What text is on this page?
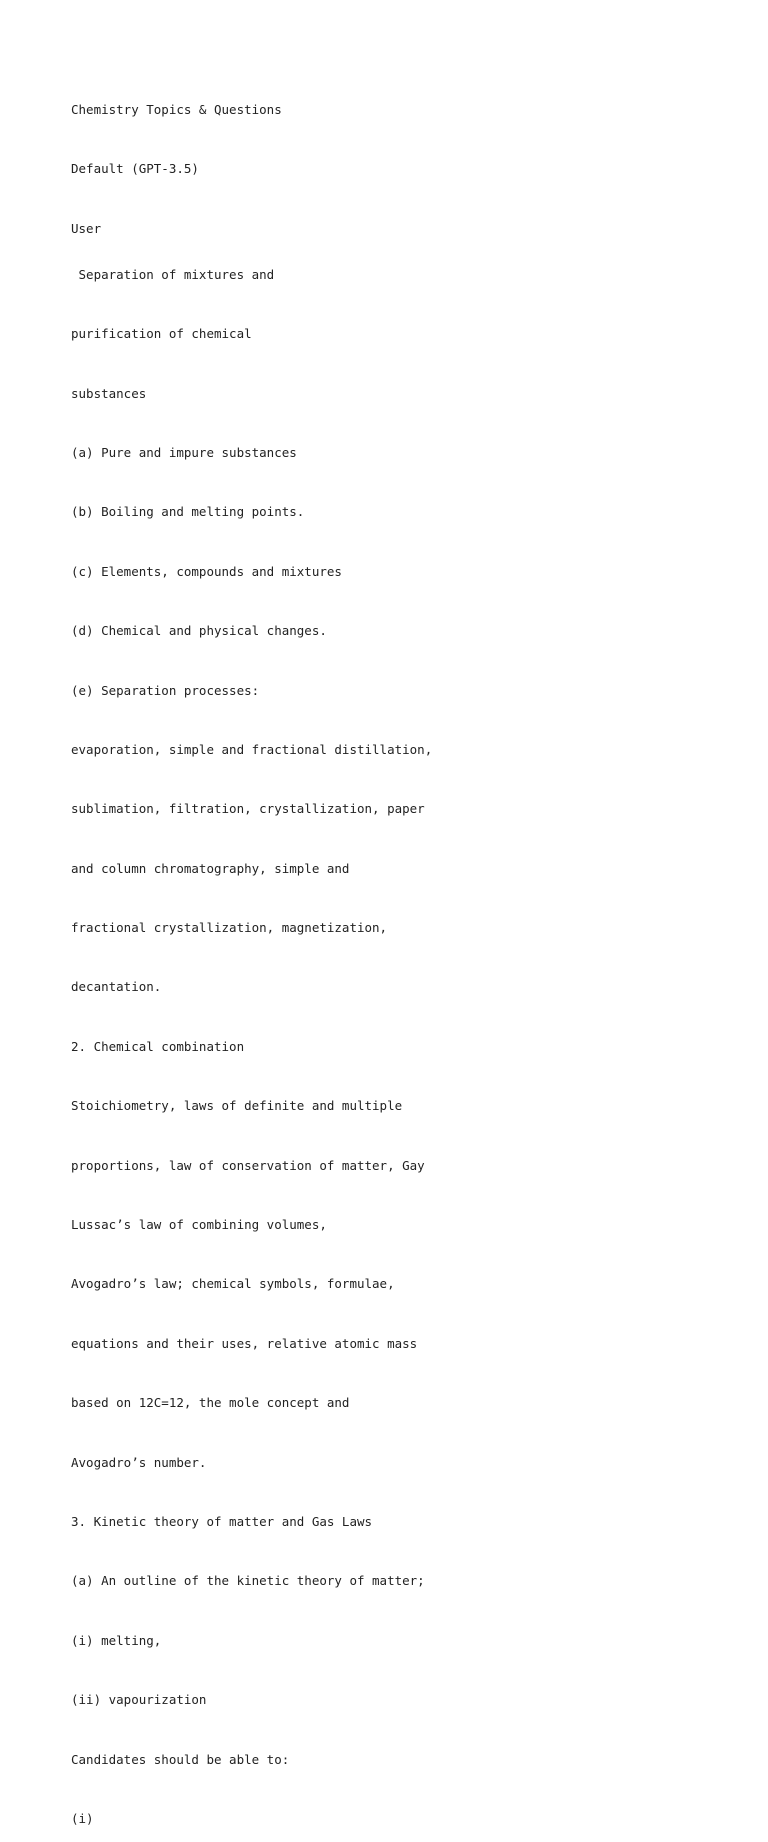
Chemistry Topics & Questions

Default (GPT-3.5)

User

Separation of mixtures and

purification of chemical

substances

(a) Pure and impure substances

(b) Boiling and melting points.

(c) Elements, compounds and mixtures

(d) Chemical and physical changes.

(e) Separation processes:

evaporation, simple and fractional distillation,

sublimation, filtration, crystallization, paper

and column chromatography, simple and

fractional crystallization, magnetization,

decantation.

2. Chemical combination

Stoichiometry, laws of definite and multiple

proportions, law of conservation of matter, Gay

Lussac’s law of combining volumes,

Avogadro’s law; chemical symbols, formulae,

equations and their uses, relative atomic mass

based on 12C=12, the mole concept and

Avogadro’s number.

3. Kinetic theory of matter and Gas Laws

(a) An outline of the kinetic theory of matter;

(i) melting,

(ii) vapourization

Candidates should be able to:

(i)
